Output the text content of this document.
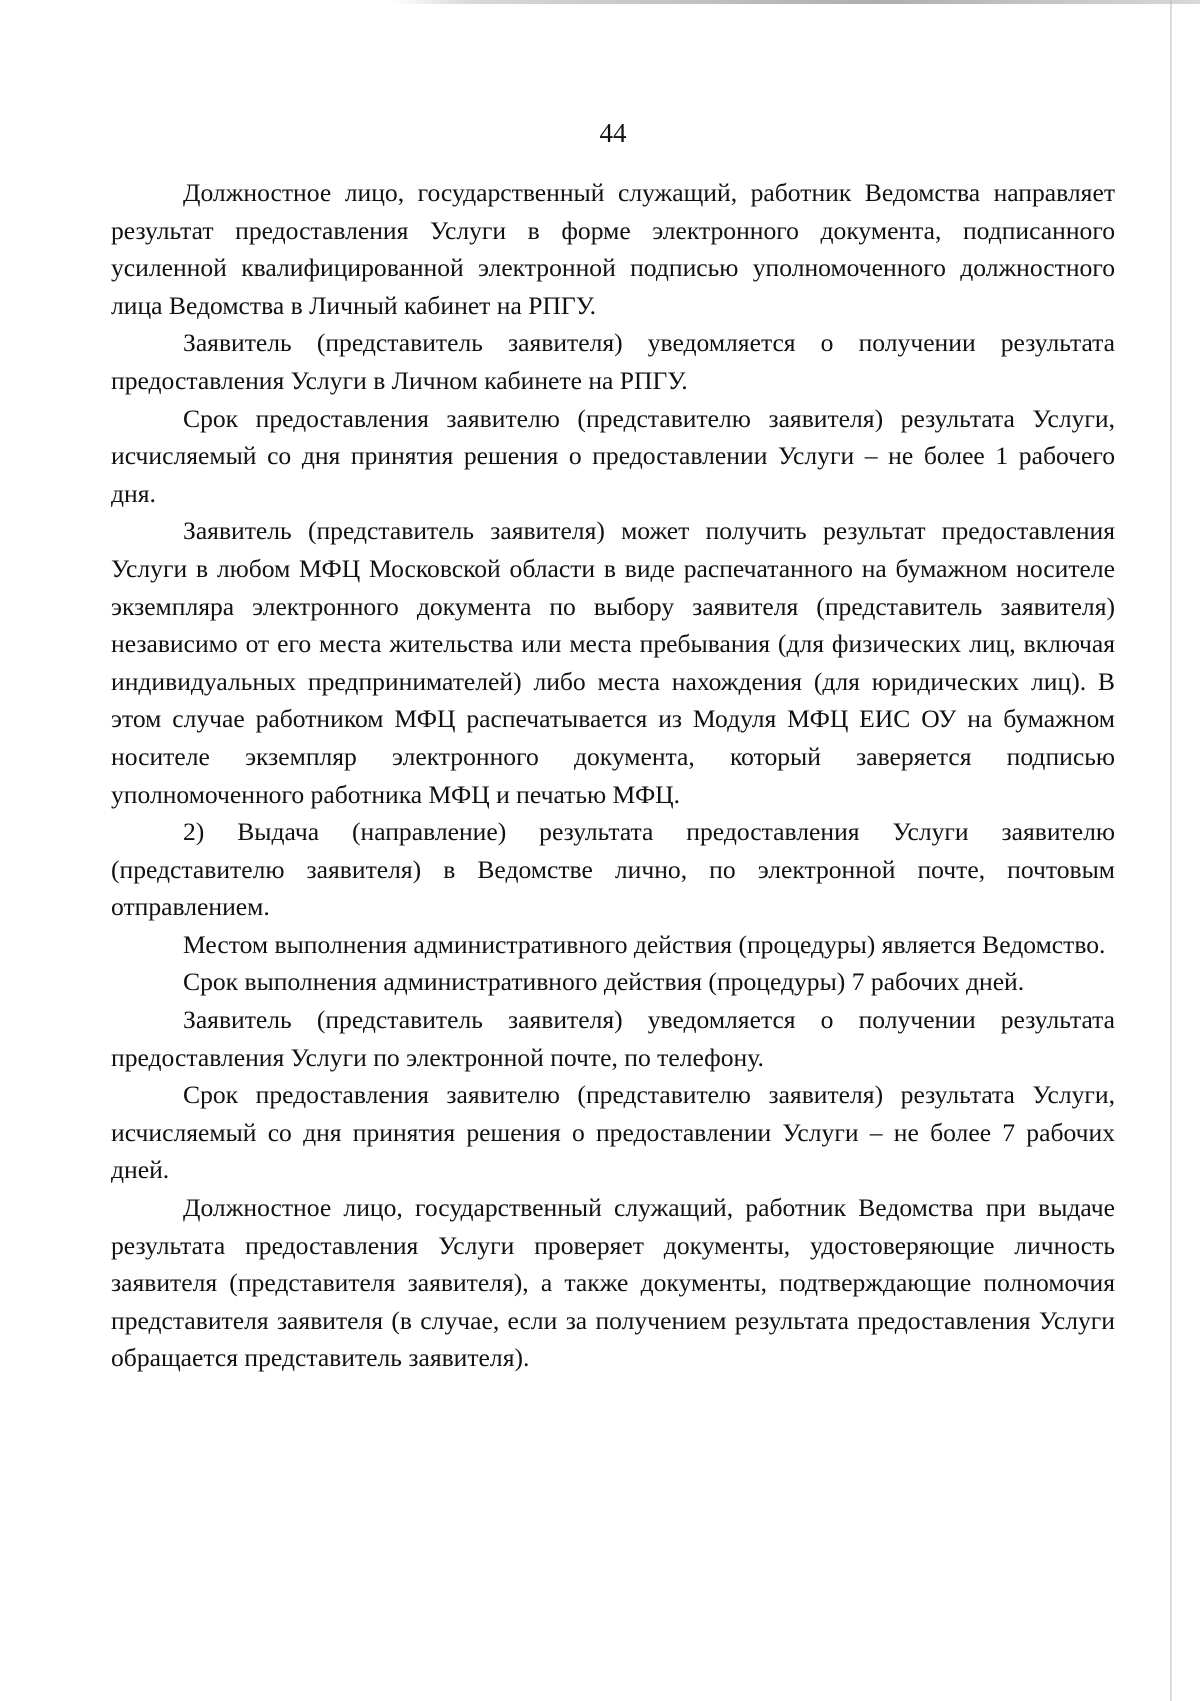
44

Должностное лицо, государственный служащий, работник Ведомства направляет результат предоставления Услуги в форме электронного документа, подписанного усиленной квалифицированной электронной подписью уполномоченного должностного лица Ведомства в Личный кабинет на РПГУ.

Заявитель (представитель заявителя) уведомляется о получении результата предоставления Услуги в Личном кабинете на РПГУ.

Срок предоставления заявителю (представителю заявителя) результата Услуги, исчисляемый со дня принятия решения о предоставлении Услуги – не более 1 рабочего дня.

Заявитель (представитель заявителя) может получить результат предоставления Услуги в любом МФЦ Московской области в виде распечатанного на бумажном носителе экземпляра электронного документа по выбору заявителя (представитель заявителя) независимо от его места жительства или места пребывания (для физических лиц, включая индивидуальных предпринимателей) либо места нахождения (для юридических лиц). В этом случае работником МФЦ распечатывается из Модуля МФЦ ЕИС ОУ на бумажном носителе экземпляр электронного документа, который заверяется подписью уполномоченного работника МФЦ и печатью МФЦ.

2) Выдача (направление) результата предоставления Услуги заявителю (представителю заявителя) в Ведомстве лично, по электронной почте, почтовым отправлением.

Местом выполнения административного действия (процедуры) является Ведомство.

Срок выполнения административного действия (процедуры) 7 рабочих дней.

Заявитель (представитель заявителя) уведомляется о получении результата предоставления Услуги по электронной почте, по телефону.

Срок предоставления заявителю (представителю заявителя) результата Услуги, исчисляемый со дня принятия решения о предоставлении Услуги – не более 7 рабочих дней.

Должностное лицо, государственный служащий, работник Ведомства при выдаче результата предоставления Услуги проверяет документы, удостоверяющие личность заявителя (представителя заявителя), а также документы, подтверждающие полномочия представителя заявителя (в случае, если за получением результата предоставления Услуги обращается представитель заявителя).
